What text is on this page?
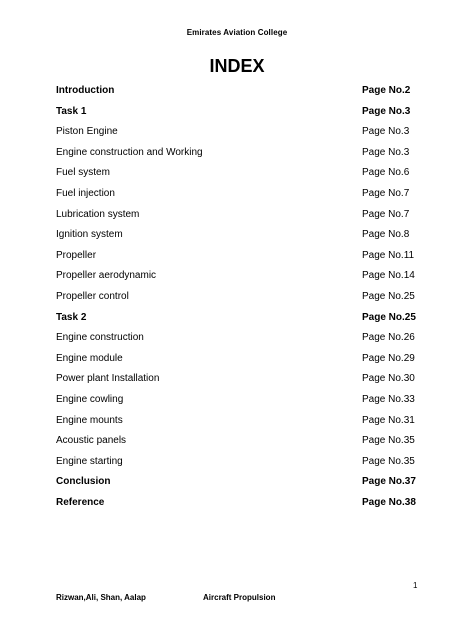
Emirates Aviation College
INDEX
Introduction	Page No.2
Task 1	Page No.3
Piston Engine	Page No.3
Engine construction and Working	Page No.3
Fuel system	Page No.6
Fuel injection	Page No.7
Lubrication system	Page No.7
Ignition system	Page No.8
Propeller	Page No.11
Propeller aerodynamic	Page No.14
Propeller control	Page No.25
Task 2	Page No.25
Engine construction	Page No.26
Engine module	Page No.29
Power plant Installation	Page No.30
Engine cowling	Page No.33
Engine mounts	Page No.31
Acoustic panels	Page No.35
Engine starting	Page No.35
Conclusion	Page No.37
Reference	Page No.38
1
Rizwan,Ali, Shan, Aalap	Aircraft Propulsion
